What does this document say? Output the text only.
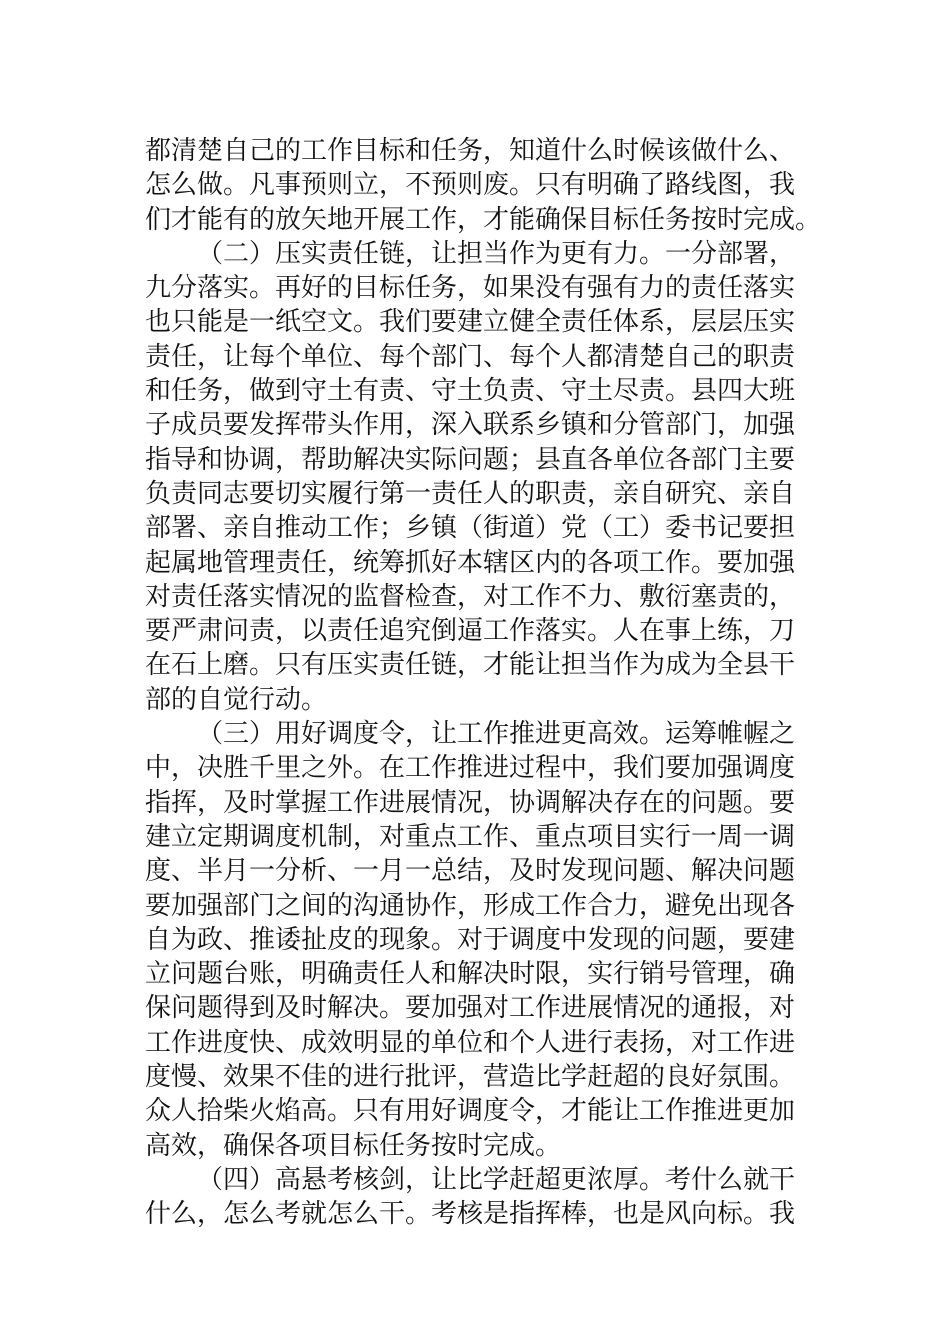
都清楚自己的工作目标和任务，知道什么时候该做什么、
怎么做。凡事预则立，不预则废。只有明确了路线图，我
们才能有的放矢地开展工作，才能确保目标任务按时完成。
（二）压实责任链，让担当作为更有力。一分部署，
九分落实。再好的目标任务，如果没有强有力的责任落实
也只能是一纸空文。我们要建立健全责任体系，层层压实
责任，让每个单位、每个部门、每个人都清楚自己的职责
和任务，做到守土有责、守土负责、守土尽责。县四大班
子成员要发挥带头作用，深入联系乡镇和分管部门，加强
指导和协调，帮助解决实际问题；县直各单位各部门主要
负责同志要切实履行第一责任人的职责，亲自研究、亲自
部署、亲自推动工作；乡镇（街道）党（工）委书记要担
起属地管理责任，统筹抓好本辖区内的各项工作。要加强
对责任落实情况的监督检查，对工作不力、敷衍塞责的，
要严肃问责，以责任追究倒逼工作落实。人在事上练，刀
在石上磨。只有压实责任链，才能让担当作为成为全县干
部的自觉行动。
（三）用好调度令，让工作推进更高效。运筹帷幄之
中，决胜千里之外。在工作推进过程中，我们要加强调度
指挥，及时掌握工作进展情况，协调解决存在的问题。要
建立定期调度机制，对重点工作、重点项目实行一周一调
度、半月一分析、一月一总结，及时发现问题、解决问题
要加强部门之间的沟通协作，形成工作合力，避免出现各
自为政、推诿扯皮的现象。对于调度中发现的问题，要建
立问题台账，明确责任人和解决时限，实行销号管理，确
保问题得到及时解决。要加强对工作进展情况的通报，对
工作进度快、成效明显的单位和个人进行表扬，对工作进
度慢、效果不佳的进行批评，营造比学赶超的良好氛围。
众人拾柴火焰高。只有用好调度令，才能让工作推进更加
高效，确保各项目标任务按时完成。
（四）高悬考核剑，让比学赶超更浓厚。考什么就干
什么，怎么考就怎么干。考核是指挥棒，也是风向标。我
